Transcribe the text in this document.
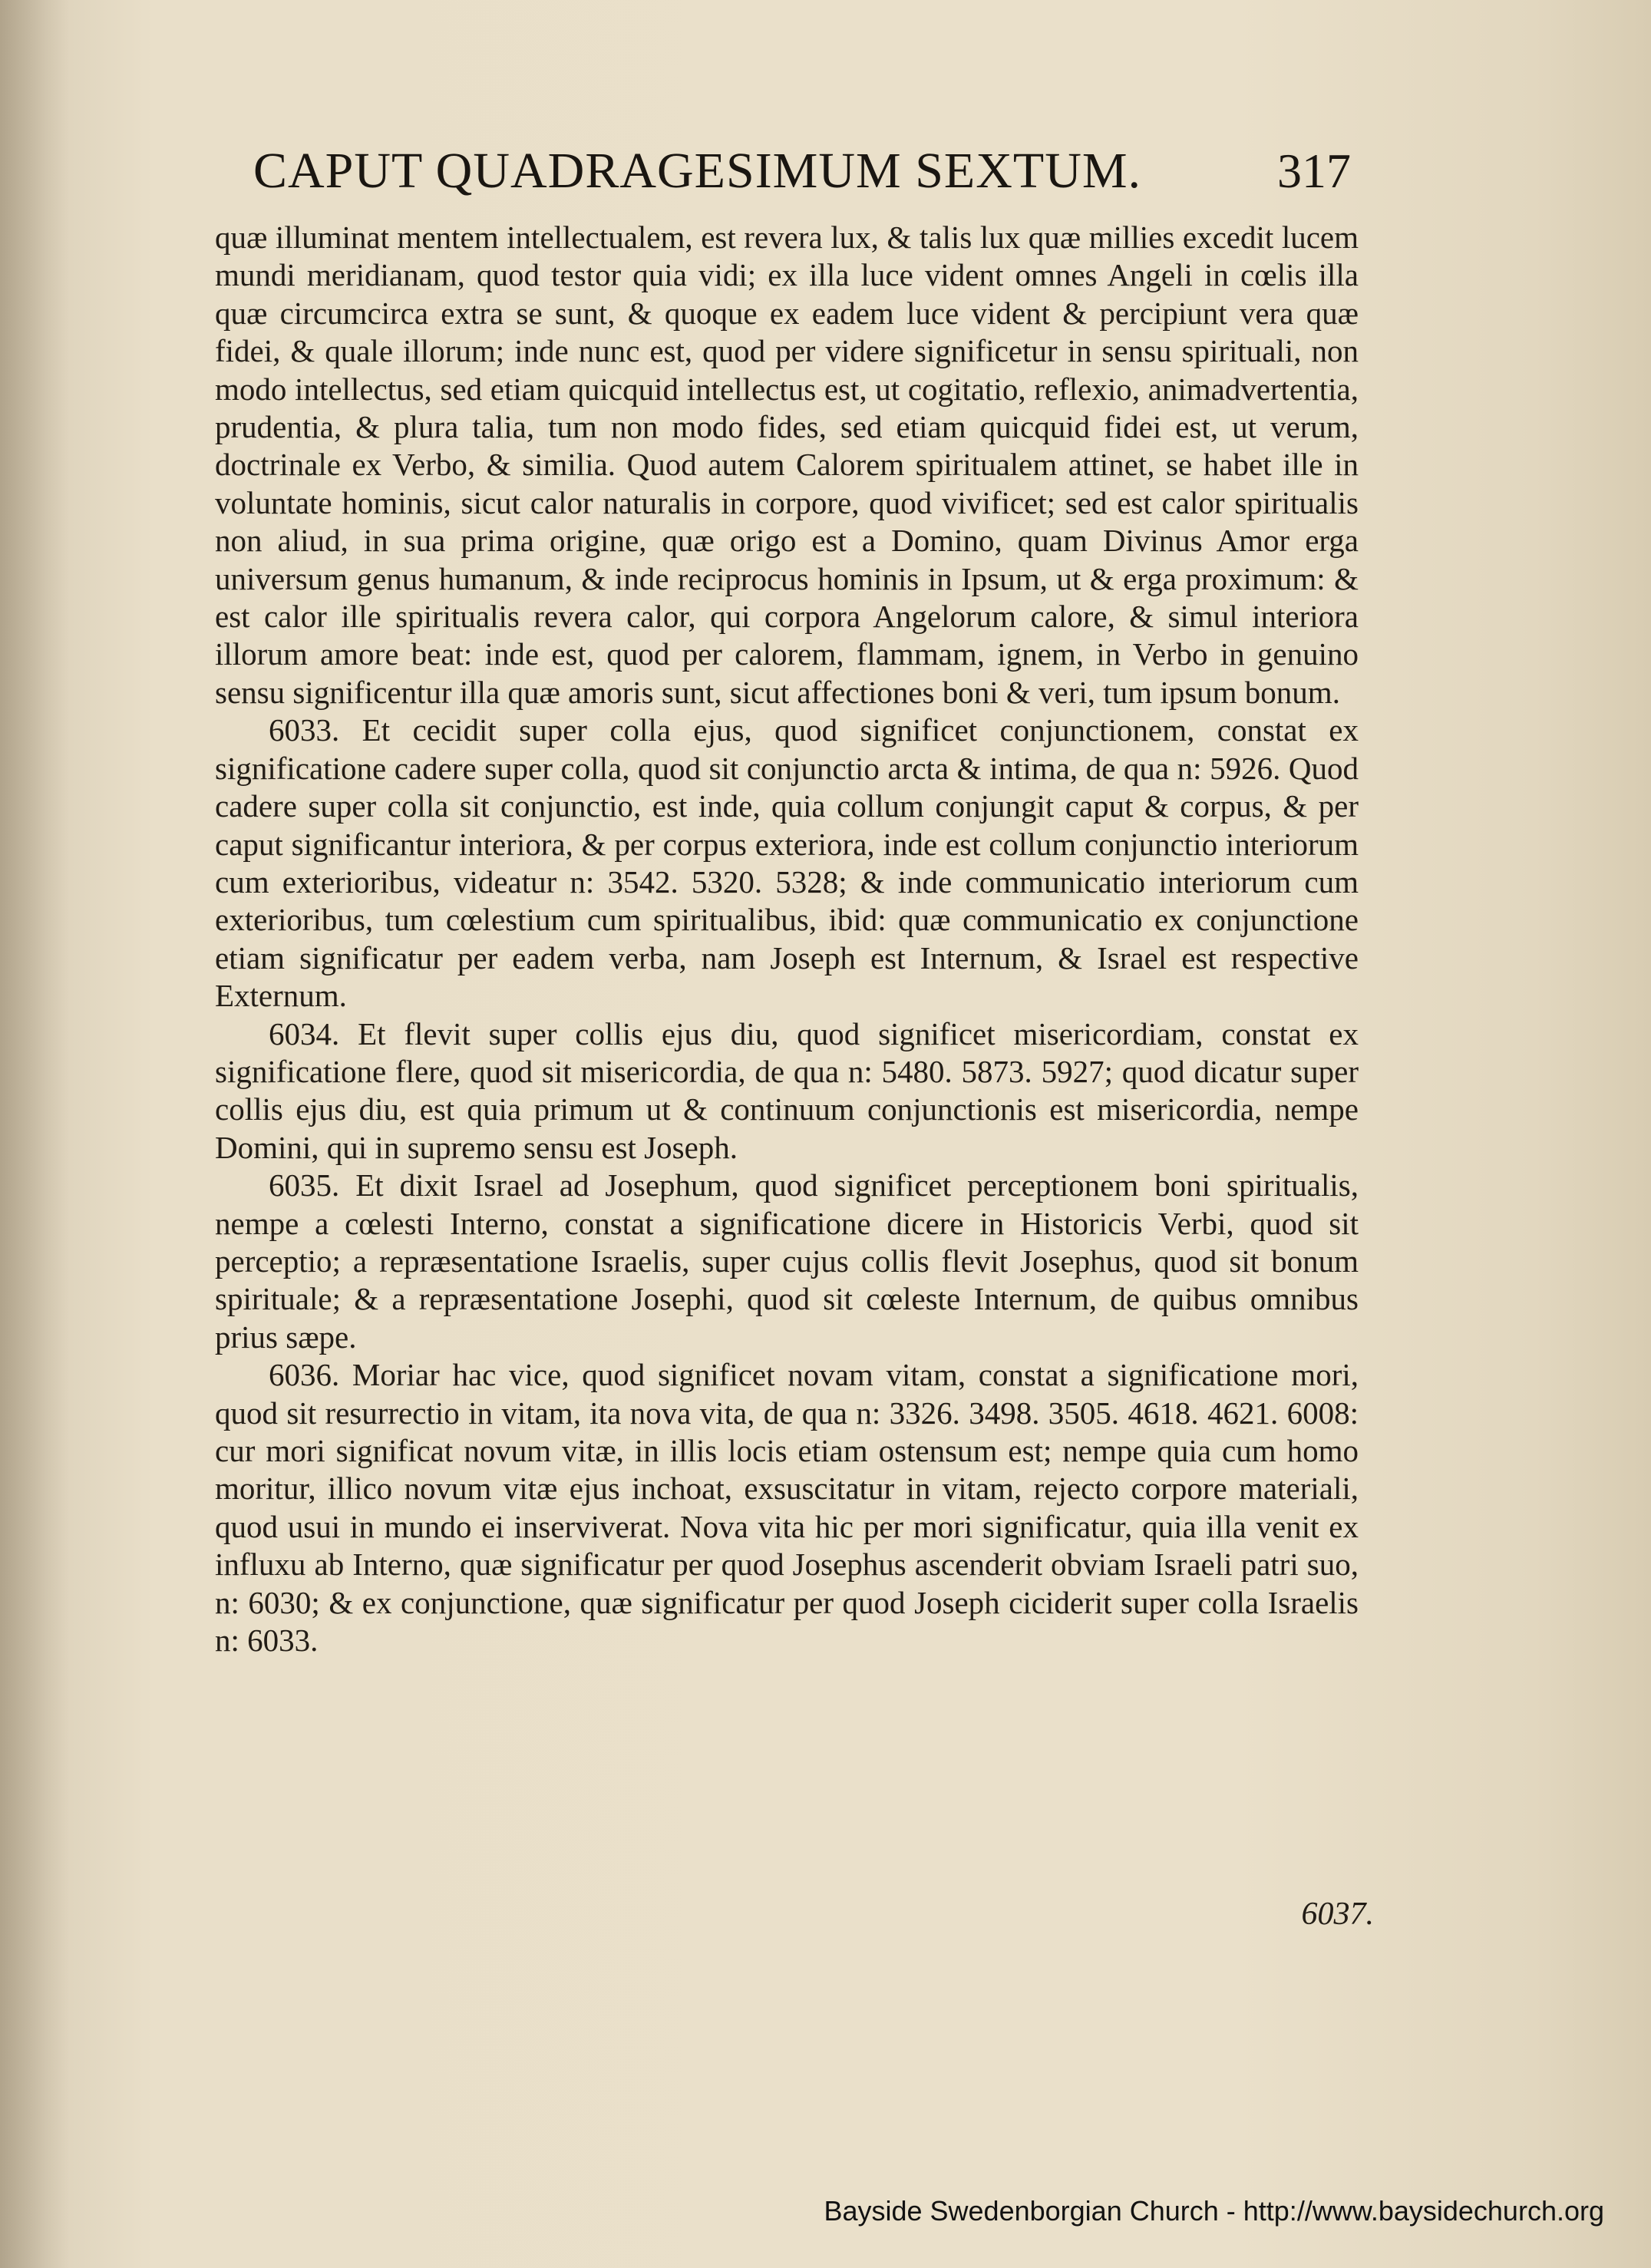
CAPUT QUADRAGESIMUM SEXTUM.	317

quæ illuminat mentem intellectualem, est revera lux, & talis lux quæ millies excedit lucem mundi meridianam, quod testor quia vidi; ex illa luce vident omnes Angeli in cœlis illa quæ circumcirca extra se sunt, & quoque ex eadem luce vident & percipiunt vera quæ fidei, & quale illorum; inde nunc est, quod per videre significetur in sensu spirituali, non modo intellectus, sed etiam quicquid intellectus est, ut cogitatio, reflexio, animadvertentia, prudentia, & plura talia, tum non modo fides, sed etiam quicquid fidei est, ut verum, doctrinale ex Verbo, & similia. Quod autem Calorem spiritualem attinet, se habet ille in voluntate hominis, sicut calor naturalis in corpore, quod vivificet; sed est calor spiritualis non aliud, in sua prima origine, quæ origo est a Domino, quam Divinus Amor erga universum genus humanum, & inde reciprocus hominis in Ipsum, ut & erga proximum: & est calor ille spiritualis revera calor, qui corpora Angelorum calore, & simul interiora illorum amore beat: inde est, quod per calorem, flammam, ignem, in Verbo in genuino sensu significentur illa quæ amoris sunt, sicut affectiones boni & veri, tum ipsum bonum.

6033. Et cecidit super colla ejus, quod significet conjunctionem, constat ex significatione cadere super colla, quod sit conjunctio arcta & intima, de qua n: 5926. Quod cadere super colla sit conjunctio, est inde, quia collum conjungit caput & corpus, & per caput significantur interiora, & per corpus exteriora, inde est collum conjunctio interiorum cum exterioribus, videatur n: 3542. 5320. 5328; & inde communicatio interiorum cum exterioribus, tum cœlestium cum spiritualibus, ibid: quæ communicatio ex conjunctione etiam significatur per eadem verba, nam Joseph est Internum, & Israel est respective Externum.

6034. Et flevit super collis ejus diu, quod significet misericordiam, constat ex significatione flere, quod sit misericordia, de qua n: 5480. 5873. 5927; quod dicatur super collis ejus diu, est quia primum ut & continuum conjunctionis est misericordia, nempe Domini, qui in supremo sensu est Joseph.

6035. Et dixit Israel ad Josephum, quod significet perceptionem boni spiritualis, nempe a cœlesti Interno, constat a significatione dicere in Historicis Verbi, quod sit perceptio; a repræsentatione Israelis, super cujus collis flevit Josephus, quod sit bonum spirituale; & a repræsentatione Josephi, quod sit cœleste Internum, de quibus omnibus prius sæpe.

6036. Moriar hac vice, quod significet novam vitam, constat a significatione mori, quod sit resurrectio in vitam, ita nova vita, de qua n: 3326. 3498. 3505. 4618. 4621. 6008: cur mori significat novum vitæ, in illis locis etiam ostensum est; nempe quia cum homo moritur, illico novum vitæ ejus inchoat, exsuscitatur in vitam, rejecto corpore materiali, quod usui in mundo ei inserviverat. Nova vita hic per mori significatur, quia illa venit ex influxu ab Interno, quæ significatur per quod Josephus ascenderit obviam Israeli patri suo, n: 6030; & ex conjunctione, quæ significatur per quod Joseph ciciderit super colla Israelis n: 6033.

6037.
Bayside Swedenborgian Church - http://www.baysidechurch.org
